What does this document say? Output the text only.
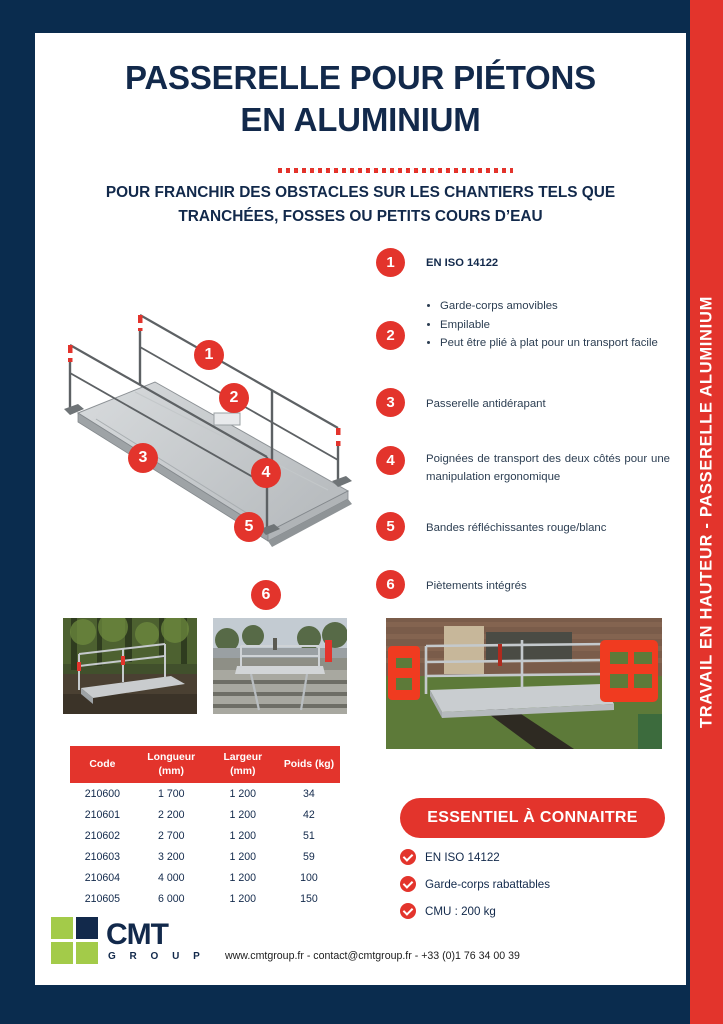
PASSERELLE POUR PIÉTONS
EN ALUMINIUM
POUR FRANCHIR DES OBSTACLES SUR LES CHANTIERS TELS QUE TRANCHÉES, FOSSES OU PETITS COURS D’EAU
1
2
3
4
5
6
1	EN ISO 14122
2
• Garde-corps amovibles
• Empilable
• Peut être plié à plat pour un transport facile
3	Passerelle antidérapant
4	Poignées de transport des deux côtés pour une manipulation ergonomique
5	Bandes réfléchissantes rouge/blanc
6	Piètements intégrés
Code	Longueur (mm)	Largeur (mm)	Poids (kg)
210600	1 700	1 200	34
210601	2 200	1 200	42
210602	2 700	1 200	51
210603	3 200	1 200	59
210604	4 000	1 200	100
210605	6 000	1 200	150
ESSENTIEL À CONNAITRE
EN ISO 14122
Garde-corps rabattables
CMU : 200 kg
CMT
G R O U P www.cmtgroup.fr - contact@cmtgroup.fr - +33 (0)1 76 34 00 39
TRAVAIL EN HAUTEUR - PASSERELLE ALUMINIUM
